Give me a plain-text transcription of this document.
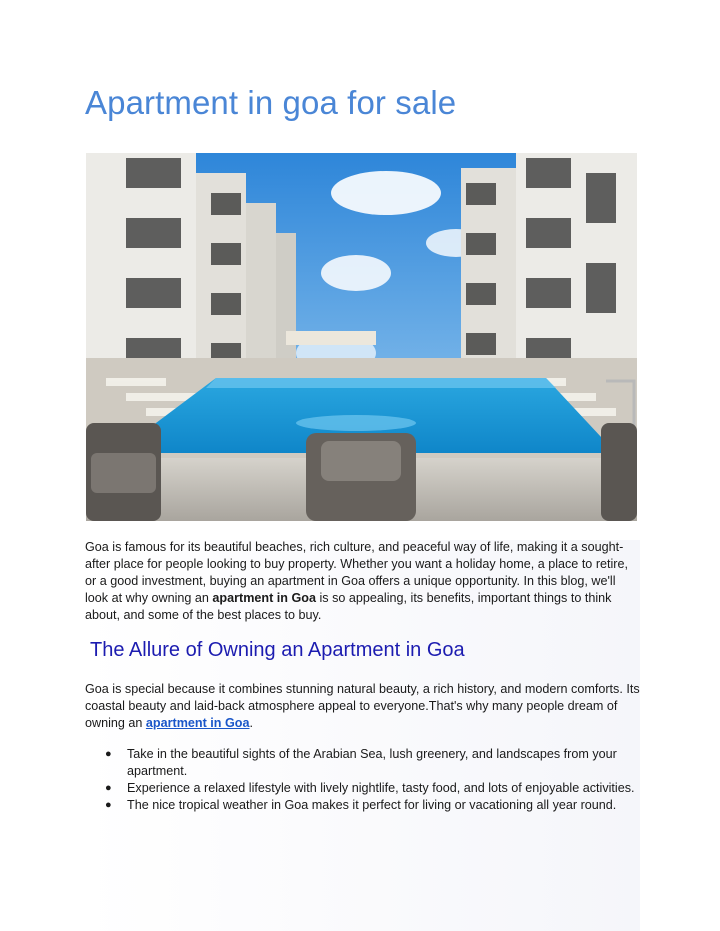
Apartment in goa for sale

Goa is famous for its beautiful beaches, rich culture, and peaceful way of life, making it a sought-after place for people looking to buy property. Whether you want a holiday home, a place to retire, or a good investment, buying an apartment in Goa offers a unique opportunity. In this blog, we'll look at why owning an apartment in Goa is so appealing, its benefits, important things to think about, and some of the best places to buy.

The Allure of Owning an Apartment in Goa

Goa is special because it combines stunning natural beauty, a rich history, and modern comforts. Its coastal beauty and laid-back atmosphere appeal to everyone.That's why many people dream of owning an apartment in Goa.

● Take in the beautiful sights of the Arabian Sea, lush greenery, and landscapes from your apartment.
● Experience a relaxed lifestyle with lively nightlife, tasty food, and lots of enjoyable activities.
● The nice tropical weather in Goa makes it perfect for living or vacationing all year round.
